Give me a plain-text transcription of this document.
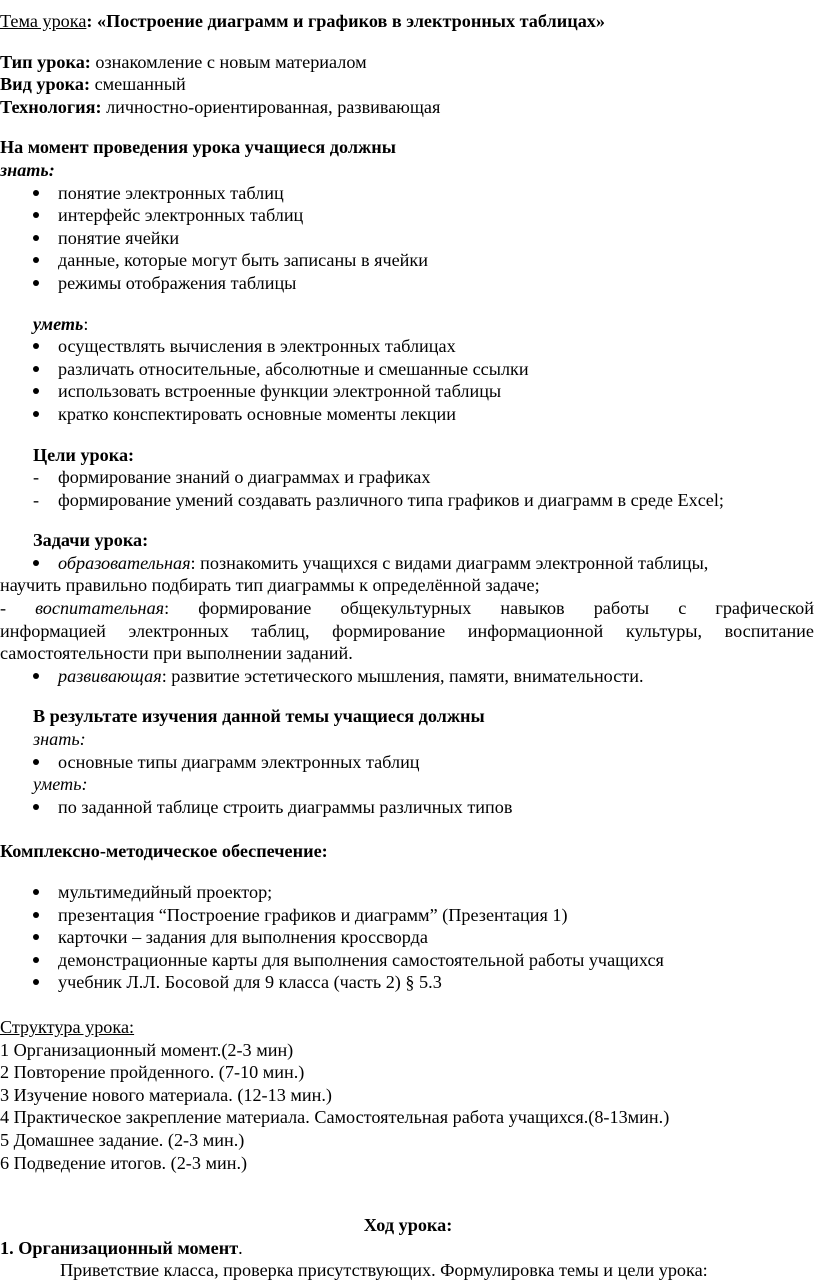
Тема урока: «Построение диаграмм и графиков в электронных таблицах»

Тип урока: ознакомление с новым материалом

Вид урока: смешанный

Технология: личностно-ориентированная, развивающая

На момент проведения урока учащиеся должны

знать:

понятие электронных таблиц

интерфейс электронных таблиц

понятие ячейки

данные, которые могут быть записаны в ячейки

режимы отображения таблицы

уметь:

осуществлять вычисления в электронных таблицах

различать относительные, абсолютные и смешанные ссылки

использовать встроенные функции электронной таблицы

кратко конспектировать основные моменты лекции

Цели урока:

- формирование знаний о диаграммах и графиках

- формирование умений создавать различного типа графиков и диаграмм в среде Excel;

Задачи урока:

образовательная: познакомить учащихся с видами диаграмм электронной таблицы,

научить правильно подбирать тип диаграммы к определённой задаче;

- воспитательная: формирование общекультурных навыков работы с графической

информацией электронных таблиц, формирование информационной культуры, воспитание

самостоятельности при выполнении заданий.

развивающая: развитие эстетического мышления, памяти, внимательности.

В результате изучения данной темы учащиеся должны

знать:

основные типы диаграмм электронных таблиц

уметь:

по заданной таблице строить диаграммы различных типов

Комплексно-методическое обеспечение:

мультимедийный проектор;

презентация “Построение графиков и диаграмм” (Презентация 1)

карточки – задания для выполнения кроссворда

демонстрационные карты для выполнения самостоятельной работы учащихся

учебник Л.Л. Босовой для 9 класса (часть 2) § 5.3

Структура урока:

1 Организационный момент.(2-3 мин)

2 Повторение пройденного. (7-10 мин.)

3 Изучение нового материала. (12-13 мин.)

4 Практическое закрепление материала. Самостоятельная работа учащихся.(8-13мин.)

5 Домашнее задание. (2-3 мин.)

6 Подведение итогов. (2-3 мин.)

Ход урока:

1. Организационный момент.

Приветствие класса, проверка присутствующих. Формулировка темы и цели урока:
